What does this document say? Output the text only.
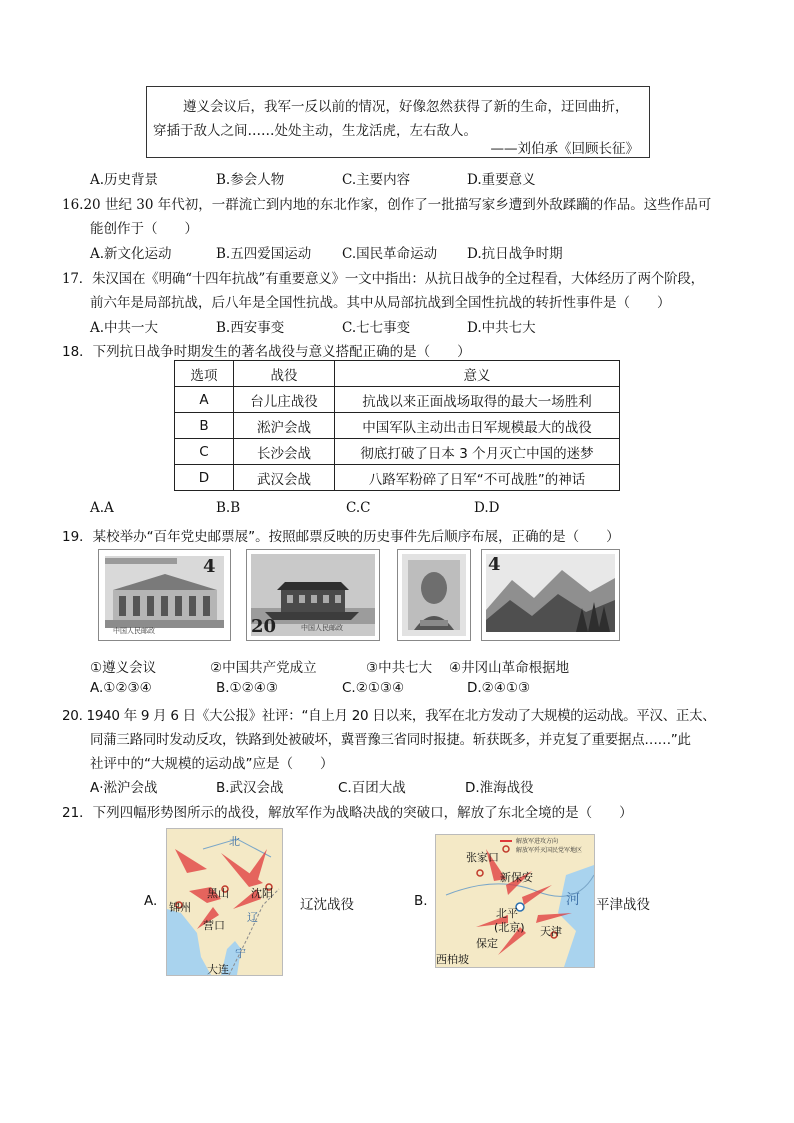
遵义会议后，我军一反以前的情况，好像忽然获得了新的生命，迂回曲折，
穿插于敌人之间……处处主动，生龙活虎，左右敌人。
——刘伯承《回顾长征》
A.历史背景	B.参会人物	C.主要内容	D.重要意义
16.20 世纪 30 年代初，一群流亡到内地的东北作家，创作了一批描写家乡遭到外敌蹂躏的作品。这些作品可
能创作于（　　）
A.新文化运动	B.五四爱国运动 C.国民革命运动 D.抗日战争时期
17．朱汉国在《明确“十四年抗战”有重要意义》一文中指出：从抗日战争的全过程看，大体经历了两个阶段，
前六年是局部抗战，后八年是全国性抗战。其中从局部抗战到全国性抗战的转折性事件是（　　）
A.中共一大	B.西安事变	C.七七事变	D.中共七大
18．下列抗日战争时期发生的著名战役与意义搭配正确的是（　　）
选项	战役	意义
A	台儿庄战役	抗战以来正面战场取得的最大一场胜利
B	淞沪会战	中国军队主动出击日军规模最大的战役
C	长沙会战	彻底打破了日本 3 个月灭亡中国的迷梦
D	武汉会战	八路军粉碎了日军“不可战胜”的神话
A.A	B.B	C.C	D.D
19．某校举办“百年党史邮票展”。按照邮票反映的历史事件先后顺序布展，正确的是（　　）
4
中国人民邮政	20	中国人民邮政
4
①遵义会议	②中国共产党成立	③中共七大 ④井冈山革命根据地
A.①②③④	B.①②④③	C.②①③④	D.②④①③
20. 1940 年 9 月 6 日《大公报》社评：“自上月 20 日以来，我军在北方发动了大规模的运动战。平汉、正太、
同蒲三路同时发动反攻，铁路到处被破坏，冀晋豫三省同时报捷。斩获既多，并克复了重要据点……”此
社评中的“大规模的运动战”应是（　　）
A·淞沪会战	B.武汉会战	C.百团大战	D.淮海战役
21．下列四幅形势图所示的战役，解放军作为战略决战的突破口，解放了东北全境的是（　　）
A.
北
锦州
黑山 沈阳
营口
辽
宁
大连
辽沈战役	B.
解放军进攻方向
解放军歼灭国民党军地区
张家口
新保安
北平
(北京) 天津
保定
西柏坡
河 平津战役
